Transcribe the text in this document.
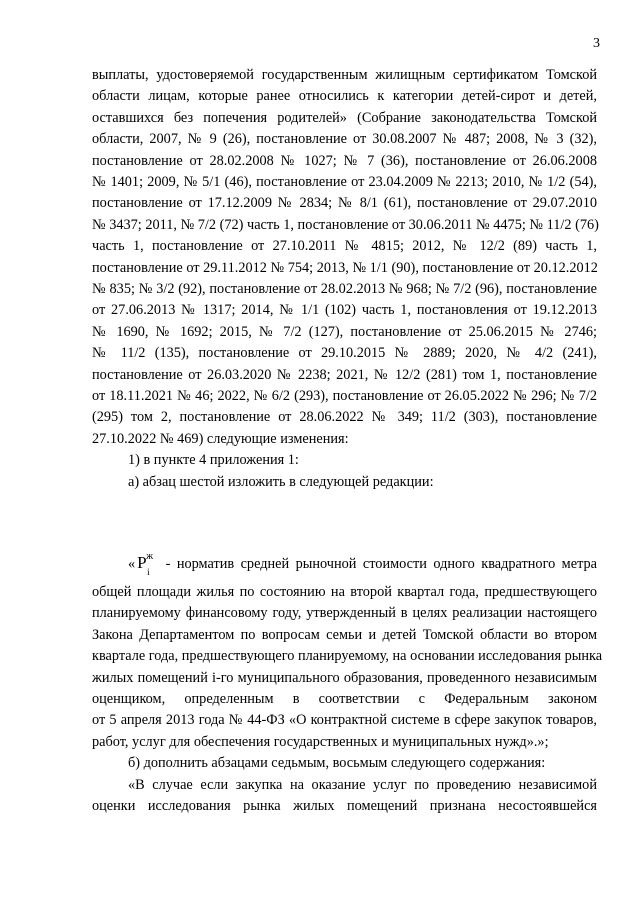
3
выплаты, удостоверяемой государственным жилищным сертификатом Томской
области лицам, которые ранее относились к категории детей-сирот и детей,
оставшихся без попечения родителей» (Собрание законодательства Томской
области, 2007, № 9 (26), постановление от 30.08.2007 № 487; 2008, № 3 (32),
постановление от 28.02.2008 № 1027; № 7 (36), постановление от 26.06.2008
№ 1401; 2009, № 5/1 (46), постановление от 23.04.2009 № 2213; 2010, № 1/2 (54),
постановление от 17.12.2009 № 2834; № 8/1 (61), постановление от 29.07.2010
№ 3437; 2011, № 7/2 (72) часть 1, постановление от 30.06.2011 № 4475; № 11/2 (76)
часть 1, постановление от 27.10.2011 № 4815; 2012, № 12/2 (89) часть 1,
постановление от 29.11.2012 № 754; 2013, № 1/1 (90), постановление от 20.12.2012
№ 835; № 3/2 (92), постановление от 28.02.2013 № 968; № 7/2 (96), постановление
от 27.06.2013 № 1317; 2014, № 1/1 (102) часть 1, постановления от 19.12.2013
№ 1690, № 1692; 2015, № 7/2 (127), постановление от 25.06.2015 № 2746;
№ 11/2 (135), постановление от 29.10.2015 № 2889; 2020, № 4/2 (241),
постановление от 26.03.2020 № 2238; 2021, № 12/2 (281) том 1, постановление
от 18.11.2021 № 46; 2022, № 6/2 (293), постановление от 26.05.2022 № 296; № 7/2
(295) том 2, постановление от 28.06.2022 № 349; 11/2 (303), постановление
27.10.2022 № 469) следующие изменения:
1) в пункте 4 приложения 1:
а) абзац шестой изложить в следующей редакции:
« P ж
i - норматив средней рыночной стоимости одного квадратного метра
общей площади жилья по состоянию на второй квартал года, предшествующего
планируемому финансовому году, утвержденный в целях реализации настоящего
Закона Департаментом по вопросам семьи и детей Томской области во втором
квартале года, предшествующего планируемому, на основании исследования рынка
жилых помещений i-го муниципального образования, проведенного независимым
оценщиком, определенным в соответствии с Федеральным законом
от 5 апреля 2013 года № 44-ФЗ «О контрактной системе в сфере закупок товаров,
работ, услуг для обеспечения государственных и муниципальных нужд».»;
б) дополнить абзацами седьмым, восьмым следующего содержания:
«В случае если закупка на оказание услуг по проведению независимой
оценки исследования рынка жилых помещений признана несостоявшейся
